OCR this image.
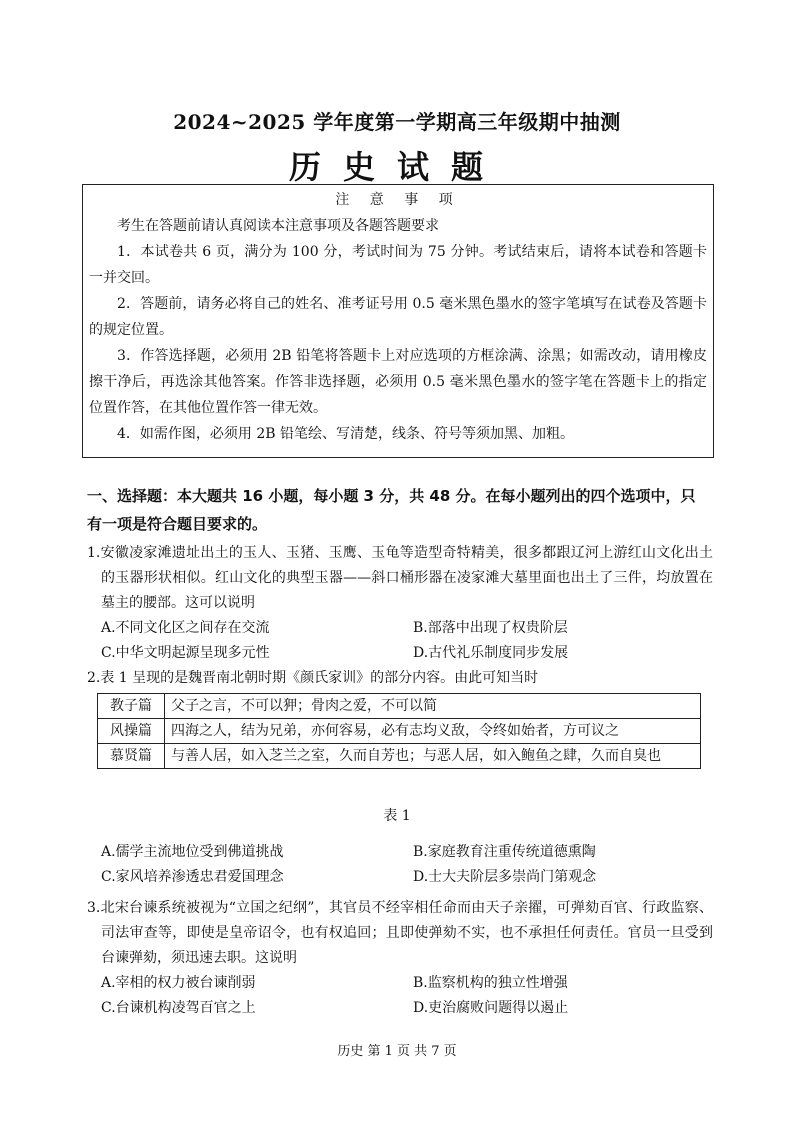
2024~2025 学年度第一学期高三年级期中抽测
历史试题
注 意 事 项

考生在答题前请认真阅读本注意事项及各题答题要求

1．本试卷共 6 页，满分为 100 分，考试时间为 75 分钟。考试结束后，请将本试卷和答题卡一并交回。

2．答题前，请务必将自己的姓名、准考证号用 0.5 毫米黑色墨水的签字笔填写在试卷及答题卡的规定位置。

3．作答选择题，必须用 2B 铅笔将答题卡上对应选项的方框涂满、涂黑；如需改动，请用橡皮擦干净后，再选涂其他答案。作答非选择题，必须用 0.5 毫米黑色墨水的签字笔在答题卡上的指定位置作答，在其他位置作答一律无效。

4．如需作图，必须用 2B 铅笔绘、写清楚，线条、符号等须加黑、加粗。

一、选择题：本大题共 16 小题，每小题 3 分，共 48 分。在每小题列出的四个选项中，只有一项是符合题目要求的。

1.安徽凌家滩遗址出土的玉人、玉猪、玉鹰、玉龟等造型奇特精美，很多都跟辽河上游红山文化出土的玉器形状相似。红山文化的典型玉器——斜口桶形器在凌家滩大墓里面也出土了三件，均放置在墓主的腰部。这可以说明

A.不同文化区之间存在交流	B.部落中出现了权贵阶层
C.中华文明起源呈现多元性	D.古代礼乐制度同步发展

2.表 1 呈现的是魏晋南北朝时期《颜氏家训》的部分内容。由此可知当时

教子篇	父子之言，不可以狎；骨肉之爱，不可以简
风操篇	四海之人，结为兄弟，亦何容易，必有志均义敌，令终如始者，方可议之
慕贤篇	与善人居，如入芝兰之室，久而自芳也；与恶人居，如入鲍鱼之肆，久而自臭也
表 1
A.儒学主流地位受到佛道挑战	B.家庭教育注重传统道德熏陶
C.家风培养渗透忠君爱国理念	D.士大夫阶层多崇尚门第观念

3.北宋台谏系统被视为“立国之纪纲”，其官员不经宰相任命而由天子亲擢，可弹劾百官、行政监察、司法审查等，即使是皇帝诏令，也有权追回；且即使弹劾不实，也不承担任何责任。官员一旦受到台谏弹劾，须迅速去职。这说明

A.宰相的权力被台谏削弱	B.监察机构的独立性增强
C.台谏机构凌驾百官之上	D.吏治腐败问题得以遏止
历史 第 1 页 共 7 页
